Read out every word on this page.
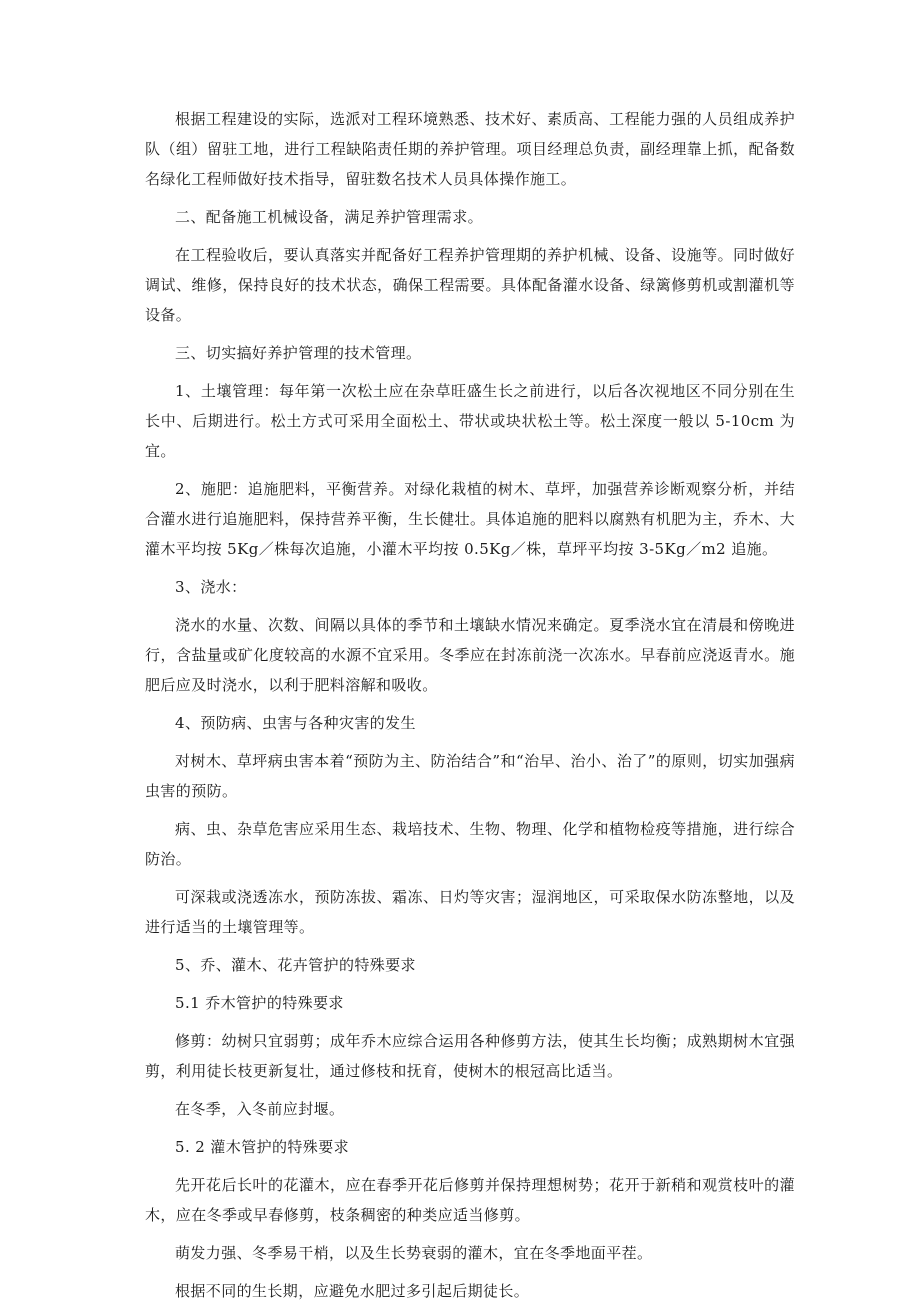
根据工程建设的实际，选派对工程环境熟悉、技术好、素质高、工程能力强的人员组成养护队（组）留驻工地，进行工程缺陷责任期的养护管理。项目经理总负责，副经理靠上抓，配备数名绿化工程师做好技术指导，留驻数名技术人员具体操作施工。

二、配备施工机械设备，满足养护管理需求。

在工程验收后，要认真落实并配备好工程养护管理期的养护机械、设备、设施等。同时做好调试、维修，保持良好的技术状态，确保工程需要。具体配备灌水设备、绿篱修剪机或割灌机等设备。

三、切实搞好养护管理的技术管理。

1、土壤管理：每年第一次松土应在杂草旺盛生长之前进行，以后各次视地区不同分别在生长中、后期进行。松土方式可采用全面松土、带状或块状松土等。松土深度一般以 5-10cm 为宜。

2、施肥：追施肥料，平衡营养。对绿化栽植的树木、草坪，加强营养诊断观察分析，并结合灌水进行追施肥料，保持营养平衡，生长健壮。具体追施的肥料以腐熟有机肥为主，乔木、大灌木平均按 5Kg／株每次追施，小灌木平均按 0.5Kg／株，草坪平均按 3-5Kg／m2 追施。

3、浇水：

浇水的水量、次数、间隔以具体的季节和土壤缺水情况来确定。夏季浇水宜在清晨和傍晚进行，含盐量或矿化度较高的水源不宜采用。冬季应在封冻前浇一次冻水。早春前应浇返青水。施肥后应及时浇水，以利于肥料溶解和吸收。

4、预防病、虫害与各种灾害的发生

对树木、草坪病虫害本着“预防为主、防治结合”和“治早、治小、治了”的原则，切实加强病虫害的预防。

病、虫、杂草危害应采用生态、栽培技术、生物、物理、化学和植物检疫等措施，进行综合防治。

可深栽或浇透冻水，预防冻拔、霜冻、日灼等灾害；湿润地区，可采取保水防冻整地，以及进行适当的土壤管理等。

5、乔、灌木、花卉管护的特殊要求

5.1 乔木管护的特殊要求

修剪：幼树只宜弱剪；成年乔木应综合运用各种修剪方法，使其生长均衡；成熟期树木宜强剪，利用徒长枝更新复壮，通过修枝和抚育，使树木的根冠高比适当。

在冬季，入冬前应封堰。

5. 2 灌木管护的特殊要求

先开花后长叶的花灌木，应在春季开花后修剪并保持理想树势；花开于新稍和观赏枝叶的灌木，应在冬季或早春修剪，枝条稠密的种类应适当修剪。

萌发力强、冬季易干梢，以及生长势衰弱的灌木，宜在冬季地面平茬。

根据不同的生长期，应避免水肥过多引起后期徒长。
